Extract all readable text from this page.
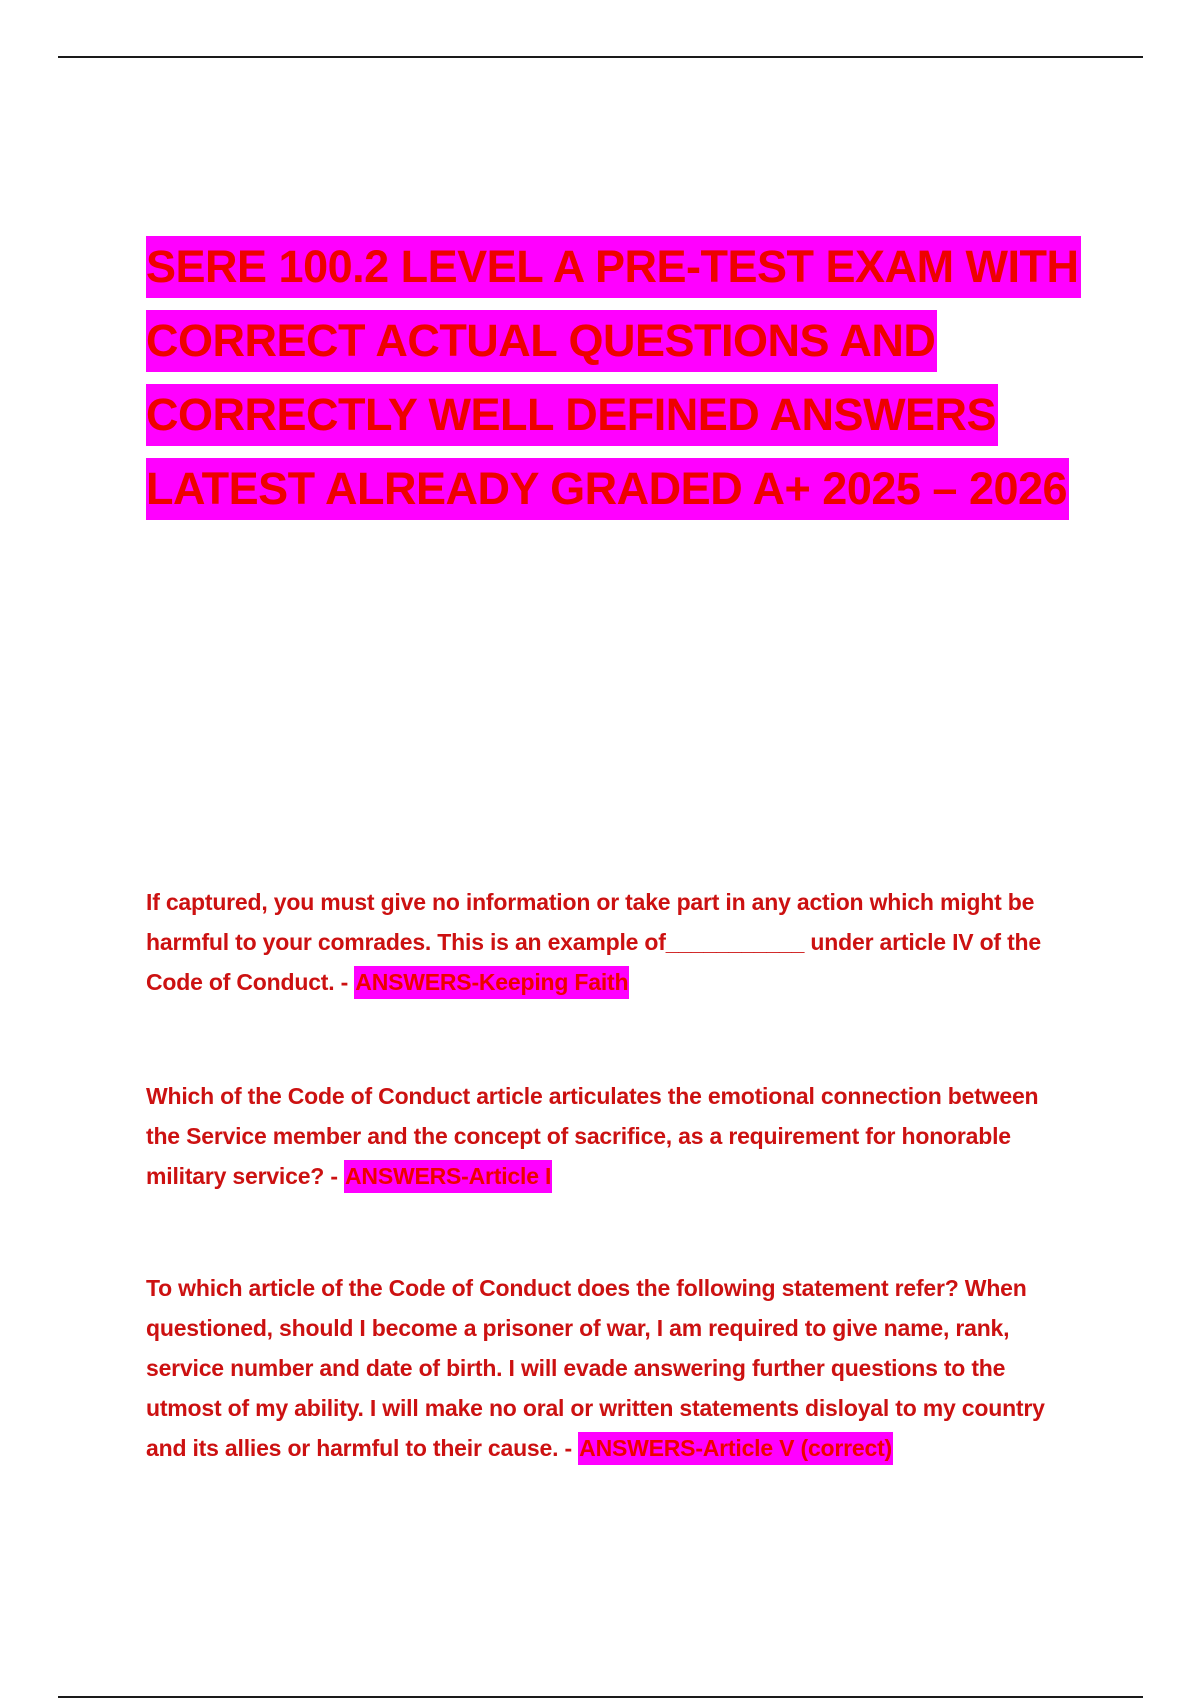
SERE 100.2 LEVEL A PRE-TEST EXAM WITH
CORRECT ACTUAL QUESTIONS AND
CORRECTLY WELL DEFINED ANSWERS
LATEST ALREADY GRADED A+ 2025 – 2026
If captured, you must give no information or take part in any action which might be harmful to your comrades. This is an example of___________ under article IV of the Code of Conduct. - ANSWERS-Keeping Faith
Which of the Code of Conduct article articulates the emotional connection between the Service member and the concept of sacrifice, as a requirement for honorable military service? - ANSWERS-Article I
To which article of the Code of Conduct does the following statement refer? When questioned, should I become a prisoner of war, I am required to give name, rank, service number and date of birth. I will evade answering further questions to the utmost of my ability. I will make no oral or written statements disloyal to my country and its allies or harmful to their cause. - ANSWERS-Article V (correct)
